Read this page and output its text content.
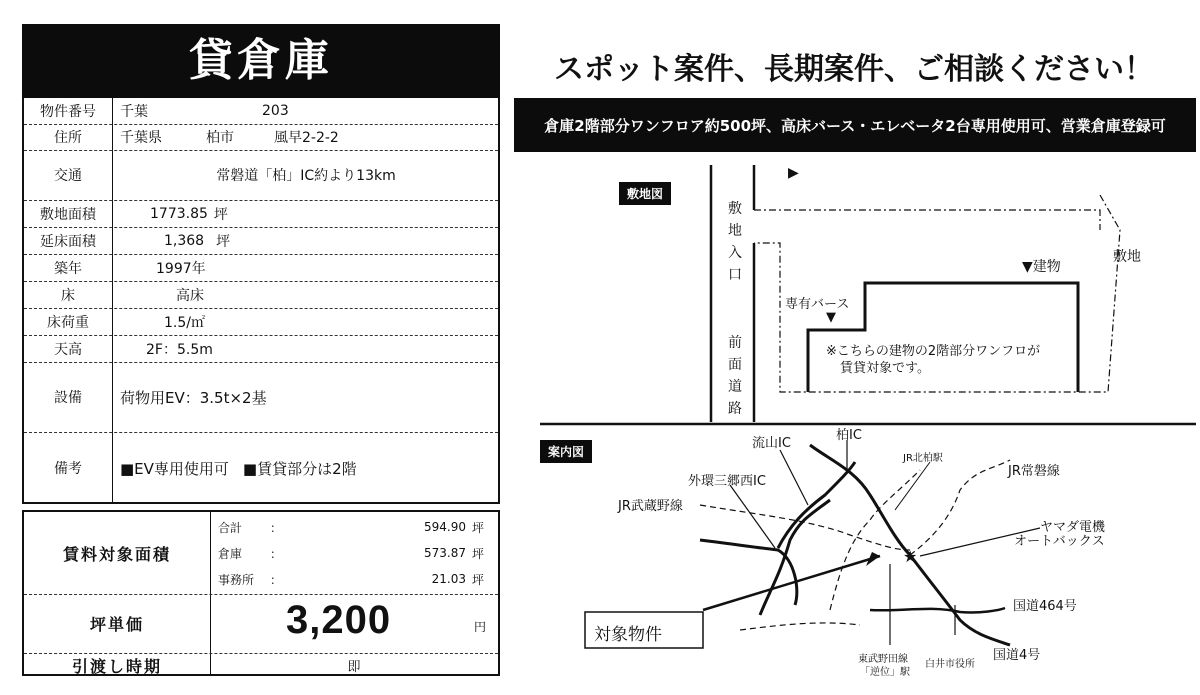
貸倉庫
物件番号	千葉	203
住所	千葉県	柏市	風早2-2-2
交通	常磐道「柏」IC約より13km
敷地面積	1773.85 坪
延床面積	1,368 坪
築年	1997年
床	高床
床荷重	1.5/㎡
天高	2F：5.5m
設備	荷物用EV：3.5t×2基
備考	■EV専用使用可 ■賃貸部分は2階
賃料対象面積
合計	：	594.90 坪
倉庫	：	573.87 坪
事務所	：	21.03 坪
坪単価	3,200	円
引渡し時期	即
スポット案件、長期案件、ご相談ください！
倉庫2階部分ワンフロア約500坪、高床バース・エレベータ2台専用使用可、営業倉庫登録可
★
敷地図
▶
敷地入口
前面道路
▼建物
敷地
専有バース
▼
※こちらの建物の2階部分ワンフロが
賃貸対象です。
案内図
流山IC
柏IC
JR北柏駅
JR常磐線
外環三郷西IC
JR武蔵野線
ヤマダ電機
オートバックス
国道464号
対象物件
国道4号
東武野田線
「逆位」駅
白井市役所
